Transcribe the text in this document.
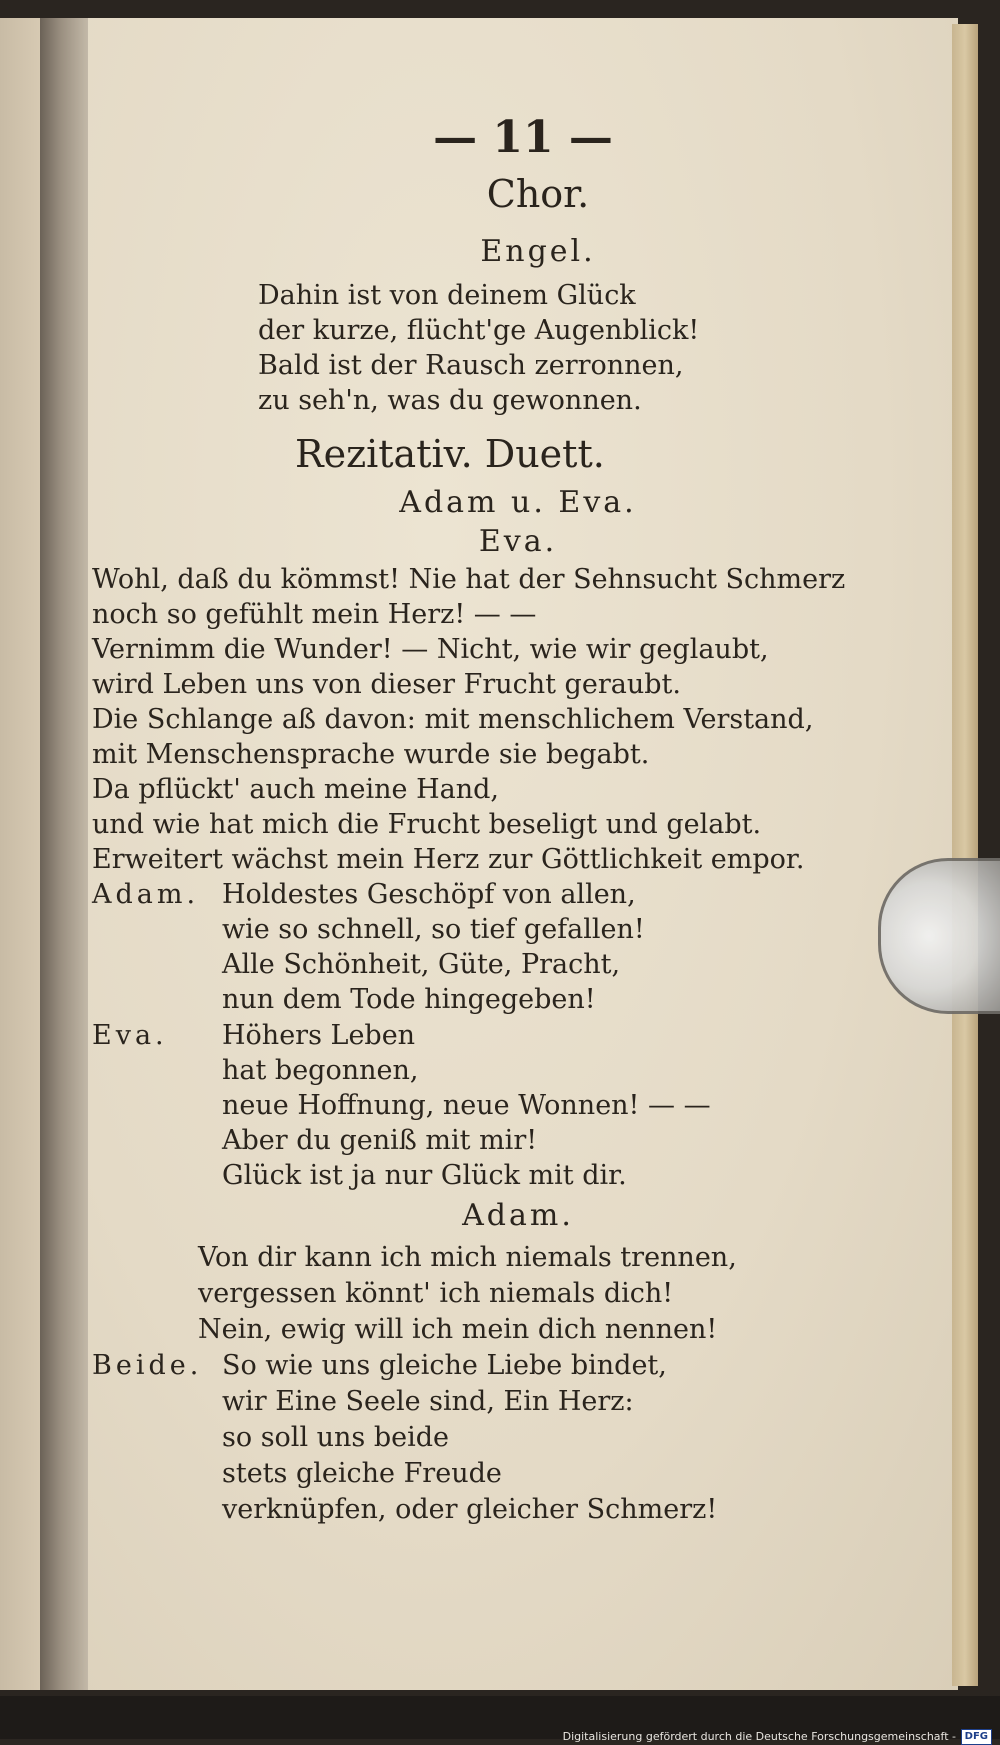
— 11 —
Chor.
Engel.
Dahin ist von deinem Glück
der kurze, flücht'ge Augenblick!
Bald ist der Rausch zerronnen,
zu seh'n, was du gewonnen.
Rezitativ. Duett.
Adam u. Eva.
Eva.
Wohl, daß du kömmst! Nie hat der Sehnsucht Schmerz
noch so gefühlt mein Herz! — —
Vernimm die Wunder! — Nicht, wie wir geglaubt,
wird Leben uns von dieser Frucht geraubt.
Die Schlange aß davon: mit menschlichem Verstand,
mit Menschensprache wurde sie begabt.
Da pflückt' auch meine Hand,
und wie hat mich die Frucht beseligt und gelabt.
Erweitert wächst mein Herz zur Göttlichkeit empor.
Adam. Holdestes Geschöpf von allen,
wie so schnell, so tief gefallen!
Alle Schönheit, Güte, Pracht,
nun dem Tode hingegeben!
Eva. Höhers Leben
hat begonnen,
neue Hoffnung, neue Wonnen! — —
Aber du geniß mit mir!
Glück ist ja nur Glück mit dir.
Adam.
Von dir kann ich mich niemals trennen,
vergessen könnt' ich niemals dich!
Nein, ewig will ich mein dich nennen!
Beide. So wie uns gleiche Liebe bindet,
wir Eine Seele sind, Ein Herz:
so soll uns beide
stets gleiche Freude
verknüpfen, oder gleicher Schmerz!
Digitalisierung gefördert durch die Deutsche Forschungsgemeinschaft - DFG
